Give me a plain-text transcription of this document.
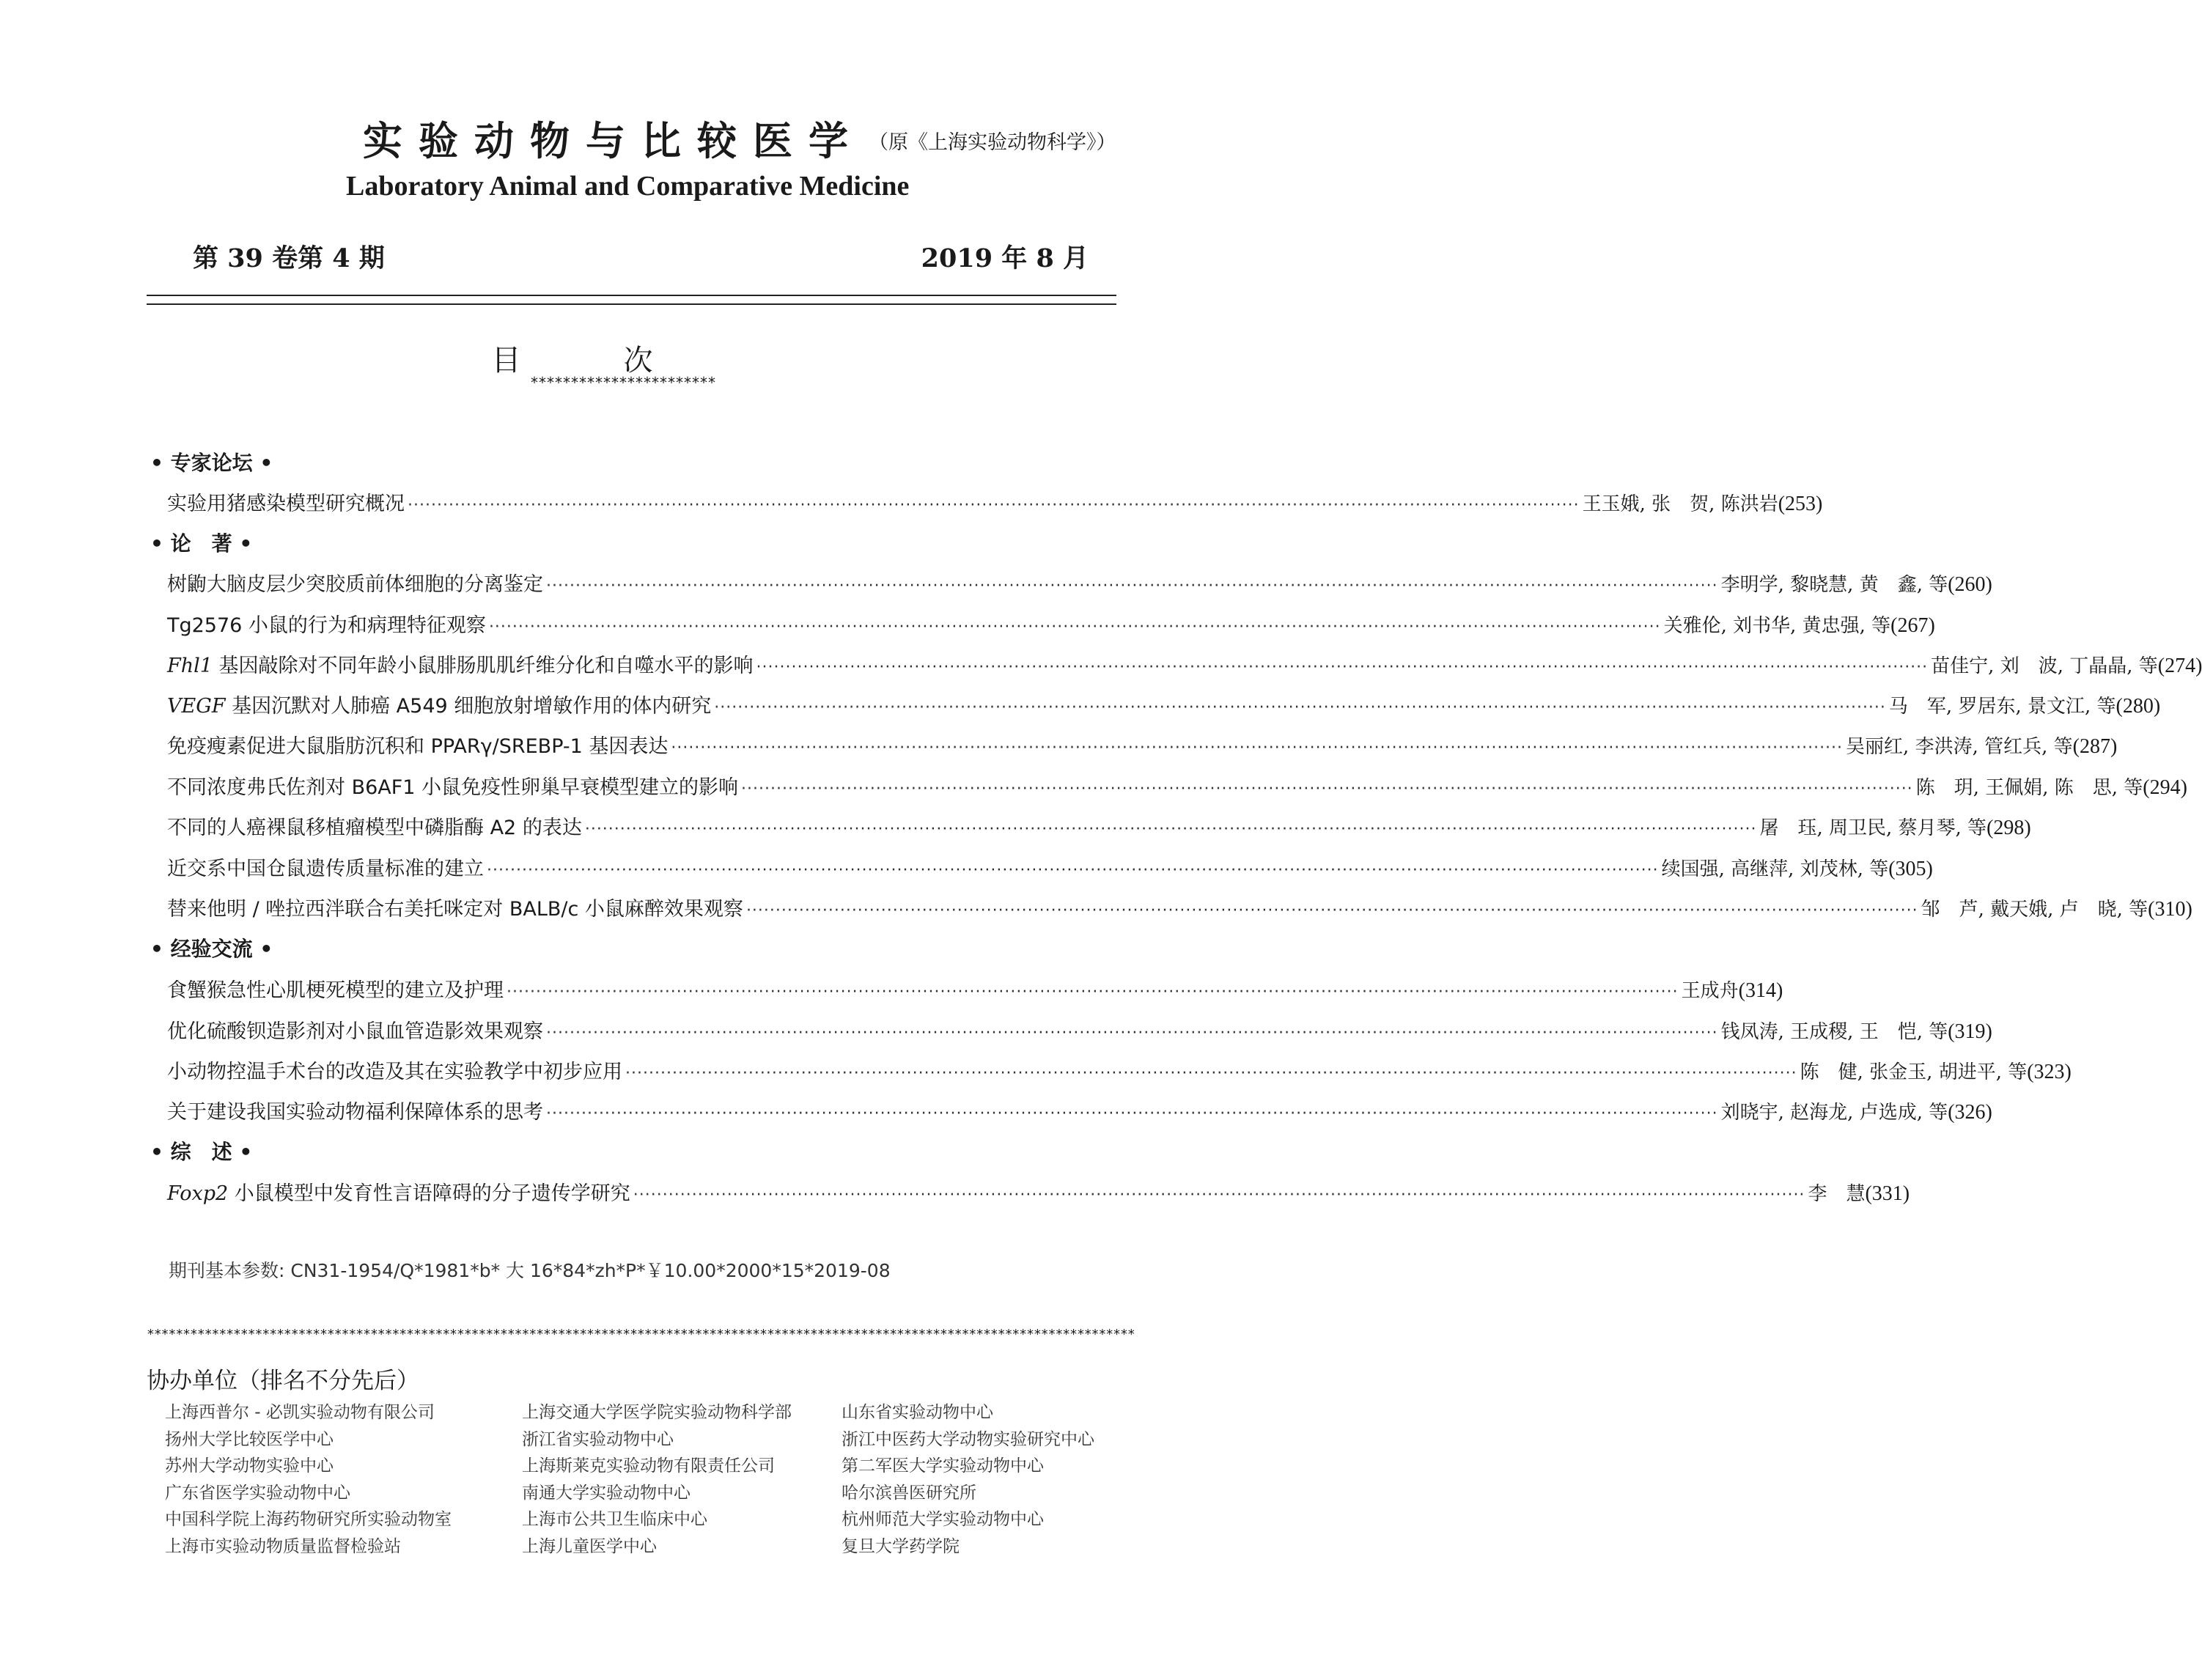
实验动物与比较医学 （原《上海实验动物科学》）
Laboratory Animal and Comparative Medicine
第 39 卷第 4 期	2019 年 8 月
目次
***********************
• 专家论坛 •
实验用猪感染模型研究概况 ········································································································································································································ 王玉娥, 张　贺, 陈洪岩 (253)
• 论　著 •
树鼩大脑皮层少突胶质前体细胞的分离鉴定 ········································································································································································································ 李明学, 黎晓慧, 黄　鑫, 等 (260)
Tg2576 小鼠的行为和病理特征观察 ········································································································································································································ 关雅伦, 刘书华, 黄忠强, 等 (267)
Fhl1 基因敲除对不同年龄小鼠腓肠肌肌纤维分化和自噬水平的影响 ········································································································································································································ 苗佳宁, 刘　波, 丁晶晶, 等 (274)
VEGF 基因沉默对人肺癌 A549 细胞放射增敏作用的体内研究 ········································································································································································································ 马　军, 罗居东, 景文江, 等 (280)
免疫瘦素促进大鼠脂肪沉积和 PPARγ/SREBP-1 基因表达 ········································································································································································································ 吴丽红, 李洪涛, 管红兵, 等 (287)
不同浓度弗氏佐剂对 B6AF1 小鼠免疫性卵巢早衰模型建立的影响 ········································································································································································································ 陈　玥, 王佩娟, 陈　思, 等 (294)
不同的人癌裸鼠移植瘤模型中磷脂酶 A2 的表达 ········································································································································································································ 屠　珏, 周卫民, 蔡月琴, 等 (298)
近交系中国仓鼠遗传质量标准的建立 ········································································································································································································ 续国强, 高继萍, 刘茂林, 等 (305)
替来他明 / 唑拉西泮联合右美托咪定对 BALB/c 小鼠麻醉效果观察 ········································································································································································································ 邹　芦, 戴天娥, 卢　晓, 等 (310)
• 经验交流 •
食蟹猴急性心肌梗死模型的建立及护理 ········································································································································································································ 王成舟 (314)
优化硫酸钡造影剂对小鼠血管造影效果观察 ········································································································································································································ 钱凤涛, 王成稷, 王　恺, 等 (319)
小动物控温手术台的改造及其在实验教学中初步应用 ········································································································································································································ 陈　健, 张金玉, 胡进平, 等 (323)
关于建设我国实验动物福利保障体系的思考 ········································································································································································································ 刘晓宇, 赵海龙, 卢选成, 等 (326)
• 综　述 •
Foxp2 小鼠模型中发育性言语障碍的分子遗传学研究 ········································································································································································································ 李　慧 (331)
期刊基本参数: CN31-1954/Q*1981*b* 大 16*84*zh*P*￥10.00*2000*15*2019-08
*****************************************************************************************************************************************
协办单位（排名不分先后）
上海西普尔 - 必凯实验动物有限公司
扬州大学比较医学中心
苏州大学动物实验中心
广东省医学实验动物中心
中国科学院上海药物研究所实验动物室
上海市实验动物质量监督检验站
上海交通大学医学院实验动物科学部
浙江省实验动物中心
上海斯莱克实验动物有限责任公司
南通大学实验动物中心
上海市公共卫生临床中心
上海儿童医学中心
山东省实验动物中心
浙江中医药大学动物实验研究中心
第二军医大学实验动物中心
哈尔滨兽医研究所
杭州师范大学实验动物中心
复旦大学药学院
